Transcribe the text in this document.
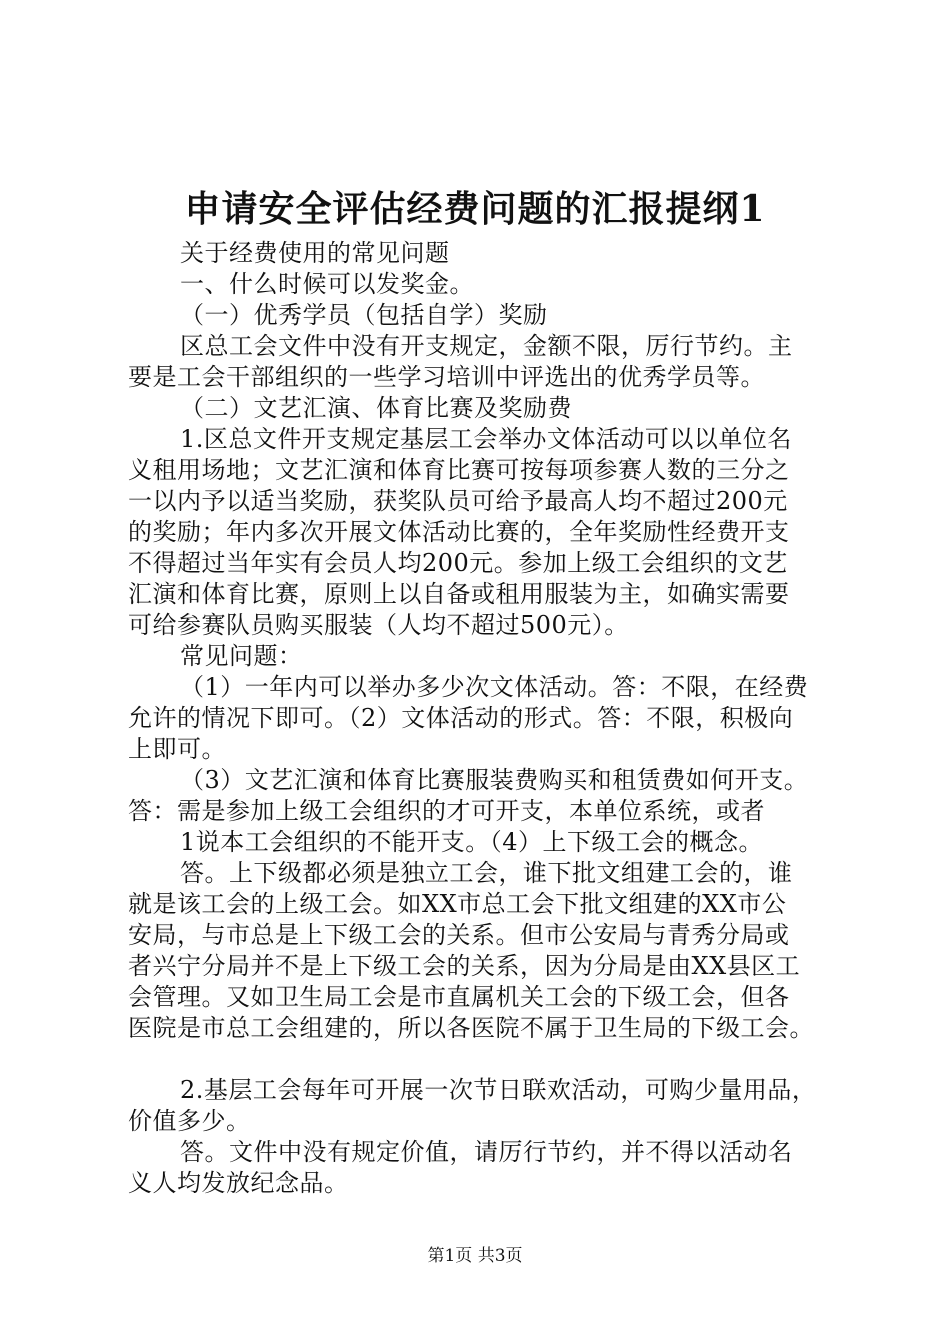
申请安全评估经费问题的汇报提纲1

关于经费使用的常见问题

一、什么时候可以发奖金。

（一）优秀学员（包括自学）奖励

区总工会文件中没有开支规定，金额不限，厉行节约。主

要是工会干部组织的一些学习培训中评选出的优秀学员等。

（二）文艺汇演、体育比赛及奖励费

1.区总文件开支规定基层工会举办文体活动可以以单位名

义租用场地；文艺汇演和体育比赛可按每项参赛人数的三分之

一以内予以适当奖励，获奖队员可给予最高人均不超过200元

的奖励；年内多次开展文体活动比赛的，全年奖励性经费开支

不得超过当年实有会员人均200元。参加上级工会组织的文艺

汇演和体育比赛，原则上以自备或租用服装为主，如确实需要

可给参赛队员购买服装（人均不超过500元）。

常见问题：

（1）一年内可以举办多少次文体活动。答：不限，在经费

允许的情况下即可。（2）文体活动的形式。答：不限，积极向

上即可。

（3）文艺汇演和体育比赛服装费购买和租赁费如何开支。

答：需是参加上级工会组织的才可开支，本单位系统，或者

1说本工会组织的不能开支。（4）上下级工会的概念。

答。上下级都必须是独立工会，谁下批文组建工会的，谁

就是该工会的上级工会。如XX市总工会下批文组建的XX市公

安局，与市总是上下级工会的关系。但市公安局与青秀分局或

者兴宁分局并不是上下级工会的关系，因为分局是由XX县区工

会管理。又如卫生局工会是市直属机关工会的下级工会，但各

医院是市总工会组建的，所以各医院不属于卫生局的下级工会。

2.基层工会每年可开展一次节日联欢活动，可购少量用品，

价值多少。

答。文件中没有规定价值，请厉行节约，并不得以活动名

义人均发放纪念品。

第1页 共3页
